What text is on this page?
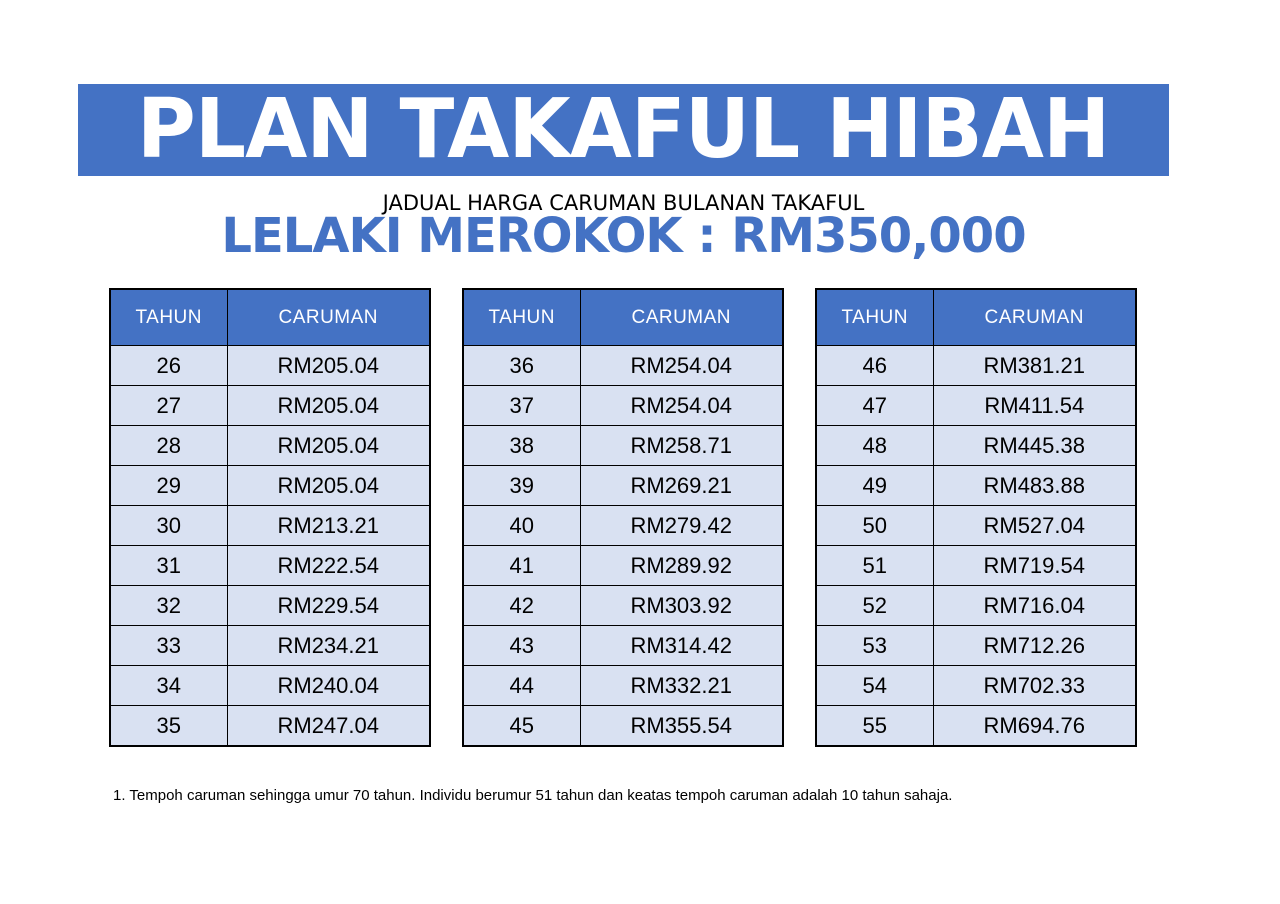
PLAN TAKAFUL HIBAH
JADUAL HARGA CARUMAN BULANAN TAKAFUL
LELAKI MEROKOK : RM350,000
TAHUN	CARUMAN
26	RM205.04
27	RM205.04
28	RM205.04
29	RM205.04
30	RM213.21
31	RM222.54
32	RM229.54
33	RM234.21
34	RM240.04
35	RM247.04
TAHUN	CARUMAN
36	RM254.04
37	RM254.04
38	RM258.71
39	RM269.21
40	RM279.42
41	RM289.92
42	RM303.92
43	RM314.42
44	RM332.21
45	RM355.54
TAHUN	CARUMAN
46	RM381.21
47	RM411.54
48	RM445.38
49	RM483.88
50	RM527.04
51	RM719.54
52	RM716.04
53	RM712.26
54	RM702.33
55	RM694.76
1. Tempoh caruman sehingga umur 70 tahun. Individu berumur 51 tahun dan keatas tempoh caruman adalah 10 tahun sahaja.
